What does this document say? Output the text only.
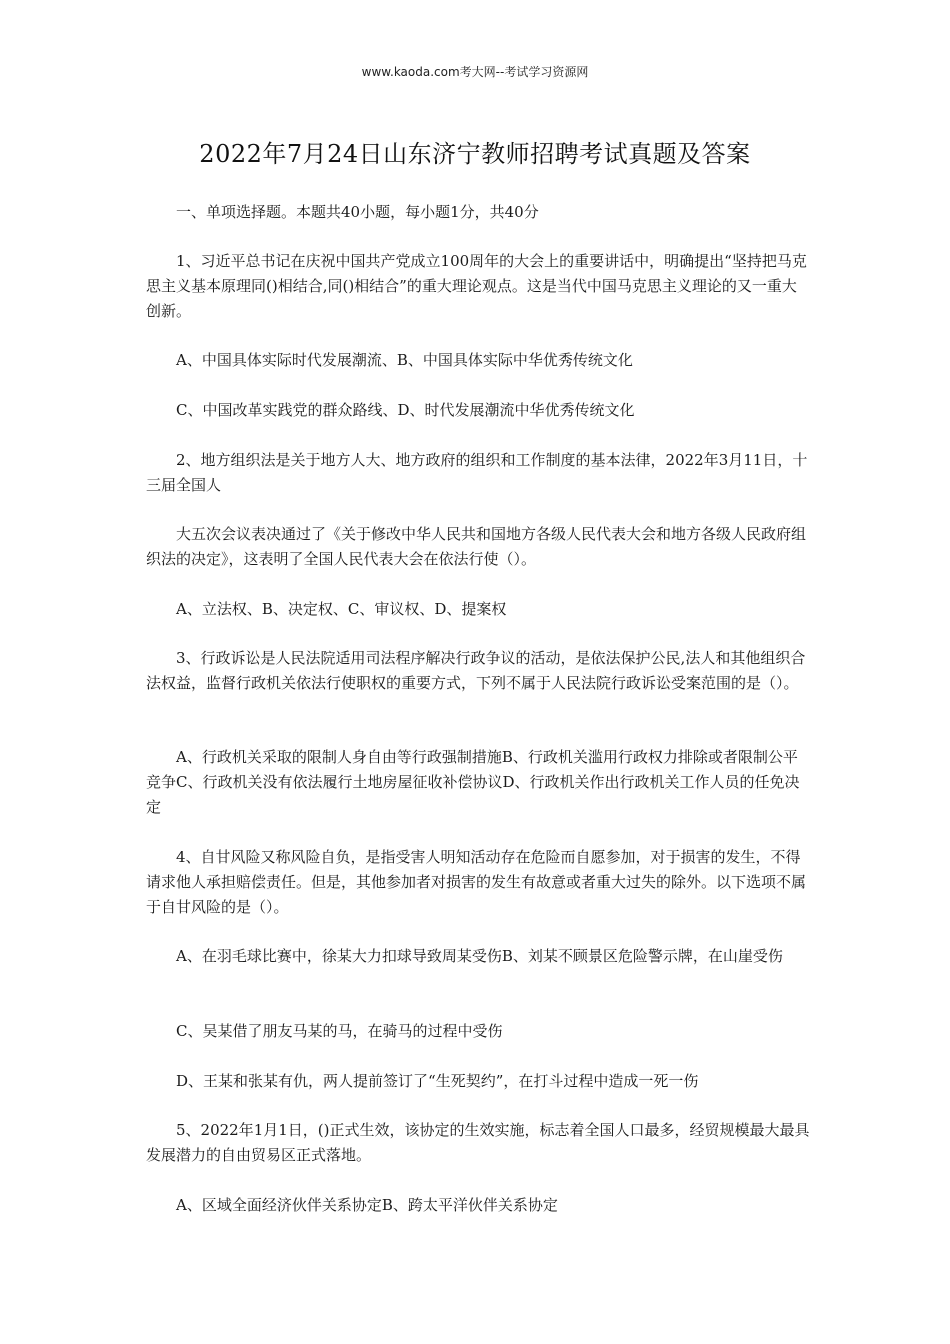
www.kaoda.com考大网--考试学习资源网
2022年7月24日山东济宁教师招聘考试真题及答案

一、单项选择题。本题共40小题，每小题1分，共40分

1、习近平总书记在庆祝中国共产党成立100周年的大会上的重要讲话中，明确提出“坚持把马克思主义基本原理同()相结合,同()相结合”的重大理论观点。这是当代中国马克思主义理论的又一重大创新。

A、中国具体实际时代发展潮流、B、中国具体实际中华优秀传统文化

C、中国改革实践党的群众路线、D、时代发展潮流中华优秀传统文化

2、地方组织法是关于地方人大、地方政府的组织和工作制度的基本法律，2022年3月11日，十三届全国人

大五次会议表决通过了《关于修改中华人民共和国地方各级人民代表大会和地方各级人民政府组织法的决定》，这表明了全国人民代表大会在依法行使（）。

A、立法权、B、决定权、C、审议权、D、提案权

3、行政诉讼是人民法院适用司法程序解决行政争议的活动，是依法保护公民,法人和其他组织合法权益，监督行政机关依法行使职权的重要方式，下列不属于人民法院行政诉讼受案范围的是（）。

A、行政机关采取的限制人身自由等行政强制措施B、行政机关滥用行政权力排除或者限制公平竞争C、行政机关没有依法履行土地房屋征收补偿协议D、行政机关作出行政机关工作人员的任免决定

4、自甘风险又称风险自负，是指受害人明知活动存在危险而自愿参加，对于损害的发生，不得请求他人承担赔偿责任。但是，其他参加者对损害的发生有故意或者重大过失的除外。以下选项不属于自甘风险的是（）。

A、在羽毛球比赛中，徐某大力扣球导致周某受伤B、刘某不顾景区危险警示牌，在山崖受伤

C、吴某借了朋友马某的马，在骑马的过程中受伤

D、王某和张某有仇，两人提前签订了“生死契约”，在打斗过程中造成一死一伤

5、2022年1月1日，()正式生效，该协定的生效实施，标志着全国人口最多，经贸规模最大最具发展潜力的自由贸易区正式落地。

A、区域全面经济伙伴关系协定B、跨太平洋伙伴关系协定
